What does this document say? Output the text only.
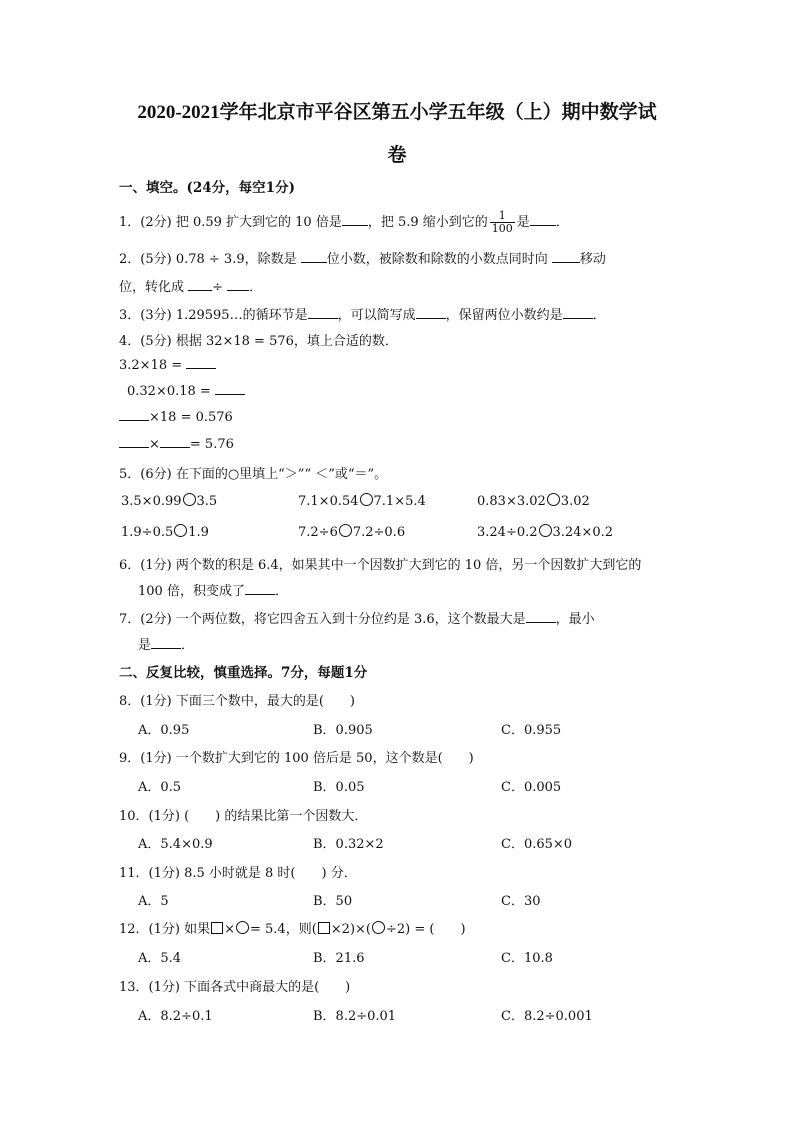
2020-2021学年北京市平谷区第五小学五年级（上）期中数学试
卷
一、填空。(24分，每空1分)
1．(2分) 把 0.59 扩大到它的 10 倍是 ，把 5.9 缩小到它的 $\frac{1}{100}$ 是 ．
2．(5分) 0.78 ÷ 3.9，除数是 位小数，被除数和除数的小数点同时向 移动
位，转化成 ÷ ．
3．(3分) 1.29595…的循环节是 ，可以简写成 ，保留两位小数约是 ．
4．(5分) 根据 32×18 = 576，填上合适的数．
3.2×18 =
0.32×0.18 =
×18 = 0.576
× = 5.76
5．(6分) 在下面的○里填上“＞”“ ＜”或“＝”。
3.5×0.99 3.5	7.1×0.54 7.1×5.4	0.83×3.02 3.02
1.9÷0.5 1.9	7.2÷6 7.2÷0.6	3.24÷0.2 3.24×0.2
6．(1分) 两个数的积是 6.4，如果其中一个因数扩大到它的 10 倍，另一个因数扩大到它的
100 倍，积变成了 ．
7．(2分) 一个两位数，将它四舍五入到十分位约是 3.6，这个数最大是 ，最小
是 ．
二、反复比较，慎重选择。7分，每题1分
8．(1分) 下面三个数中，最大的是(　　)
A．0.95	B．0.905	C．0.955
9．(1分) 一个数扩大到它的 100 倍后是 50，这个数是(　　)
A．0.5	B．0.05	C．0.005
10．(1分) (　　) 的结果比第一个因数大．
A．5.4×0.9	B．0.32×2	C．0.65×0
11．(1分) 8.5 小时就是 8 时(　　) 分．
A．5	B．50	C．30
12．(1分) 如果 × = 5.4，则( ×2)×( ÷2) = (　　)
A．5.4	B．21.6	C．10.8
13．(1分) 下面各式中商最大的是(　　)
A．8.2÷0.1	B．8.2÷0.01	C．8.2÷0.001
